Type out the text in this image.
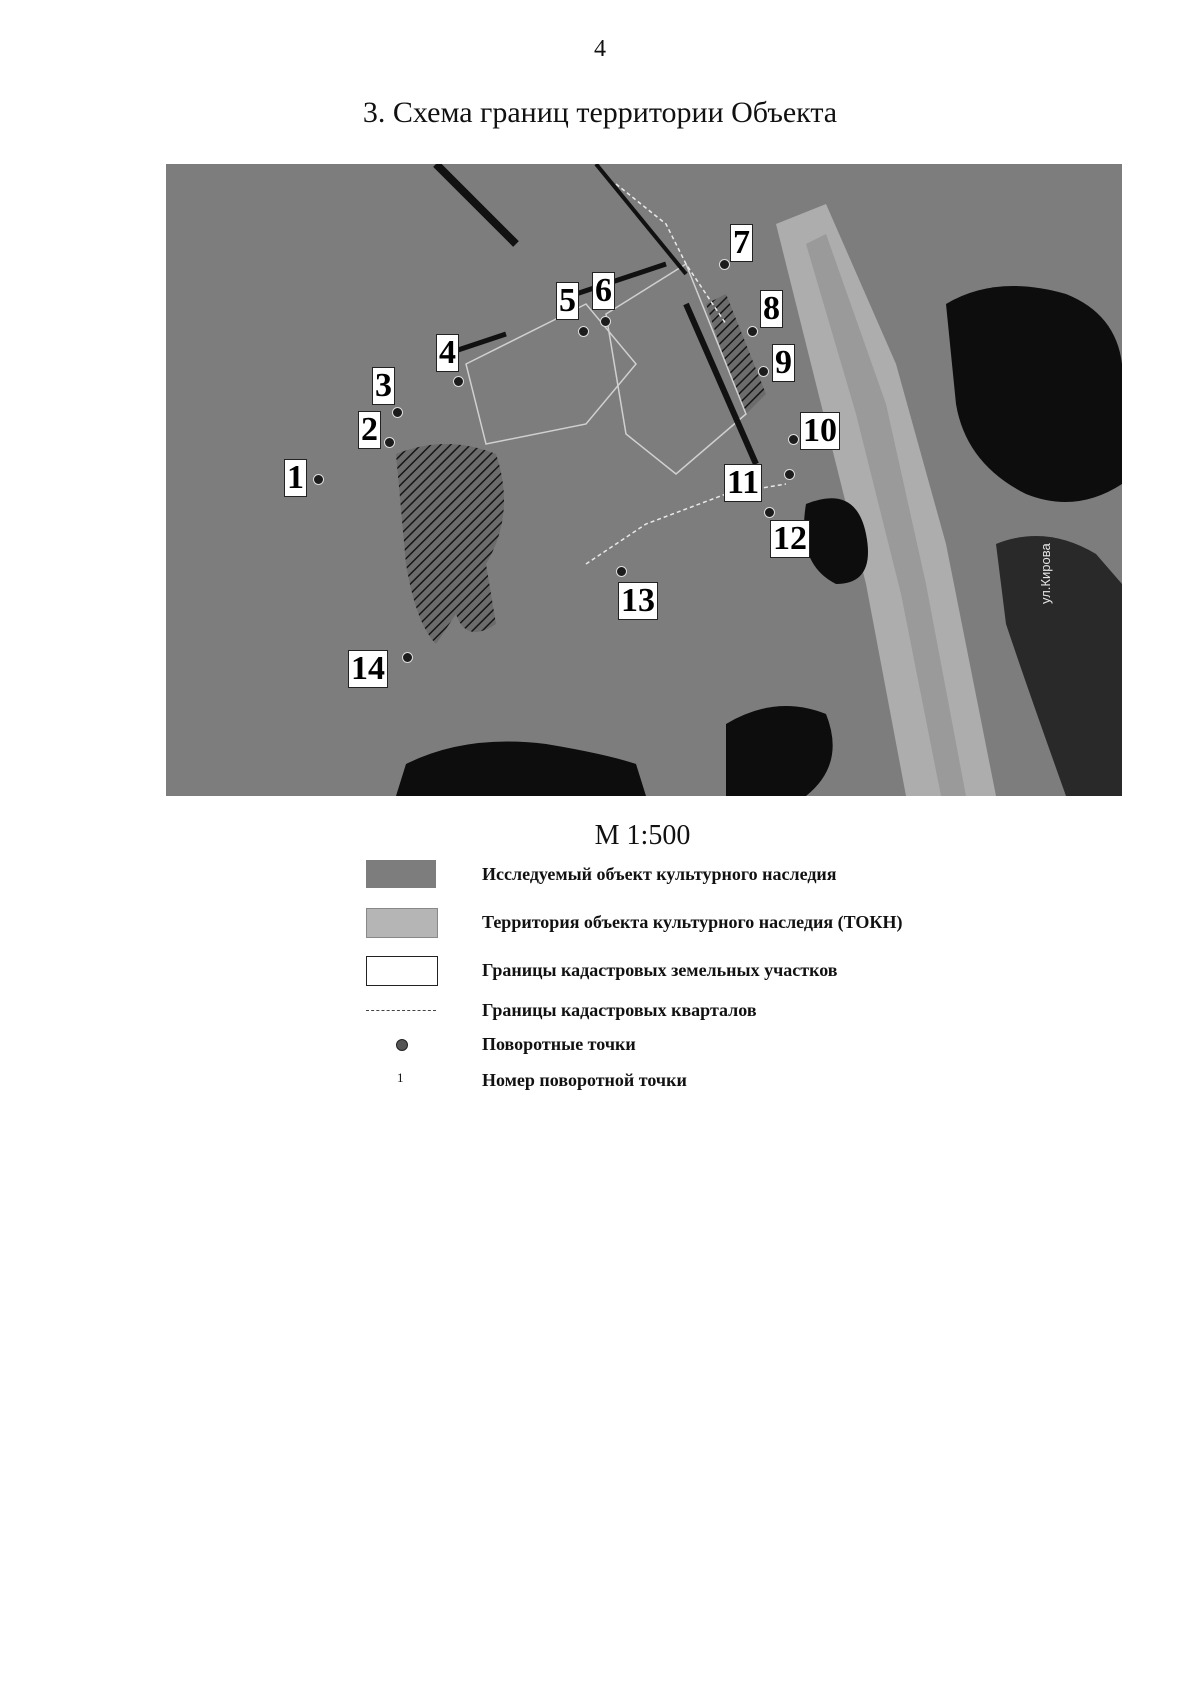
4
3. Схема границ территории Объекта
ул.Кирова
1
2
3
4
5 6
7
8
9
10
11
12
13
14
М 1:500
Исследуемый объект культурного наследия
Территория объекта культурного наследия (ТОКН)
Границы кадастровых земельных участков
Границы кадастровых кварталов
Поворотные точки
1	Номер поворотной точки
